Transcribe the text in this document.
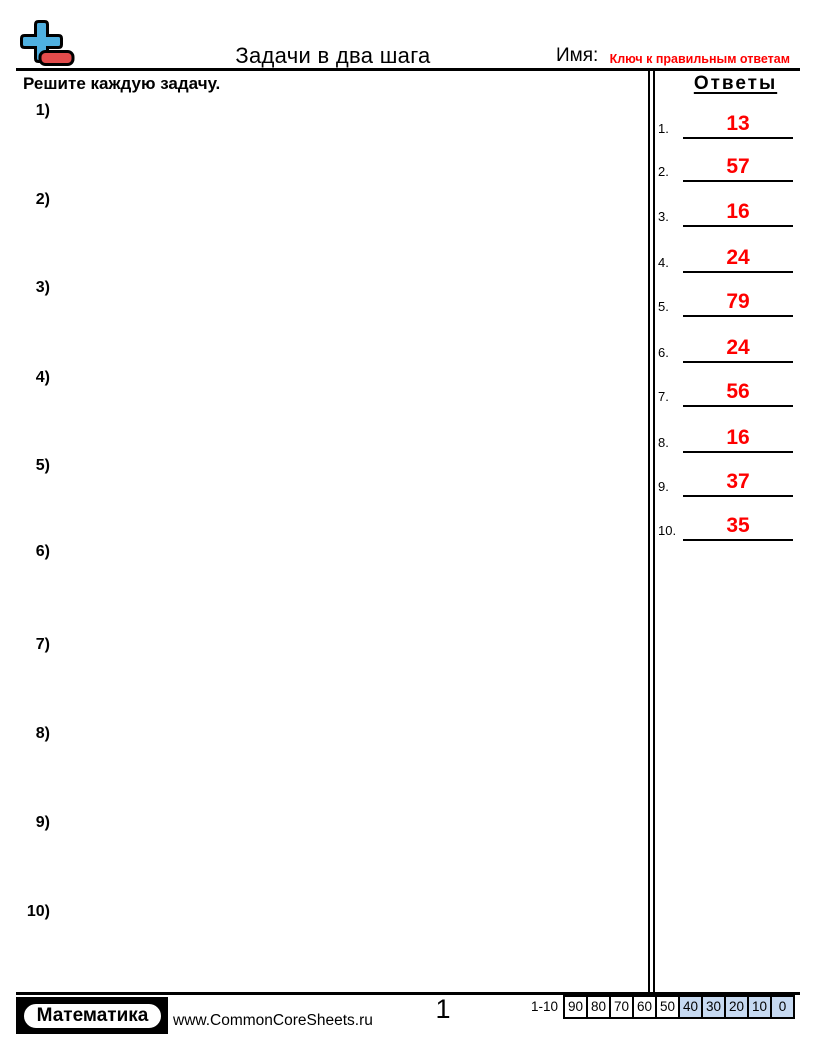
Задачи в два шага	Имя: Ключ к правильным ответам
Решите каждую задачу.
1)
2)
3)
4)
5)
6)
7)
8)
9)
10)
Ответы
1.	13
2.	57
3.	16
4.	24
5.	79
6.	24
7.	56
8.	16
9.	37
10.	35
Математика	www.CommonCoreSheets.ru	1	1-10 90 80 70 60 50 40 30 20 10 0
